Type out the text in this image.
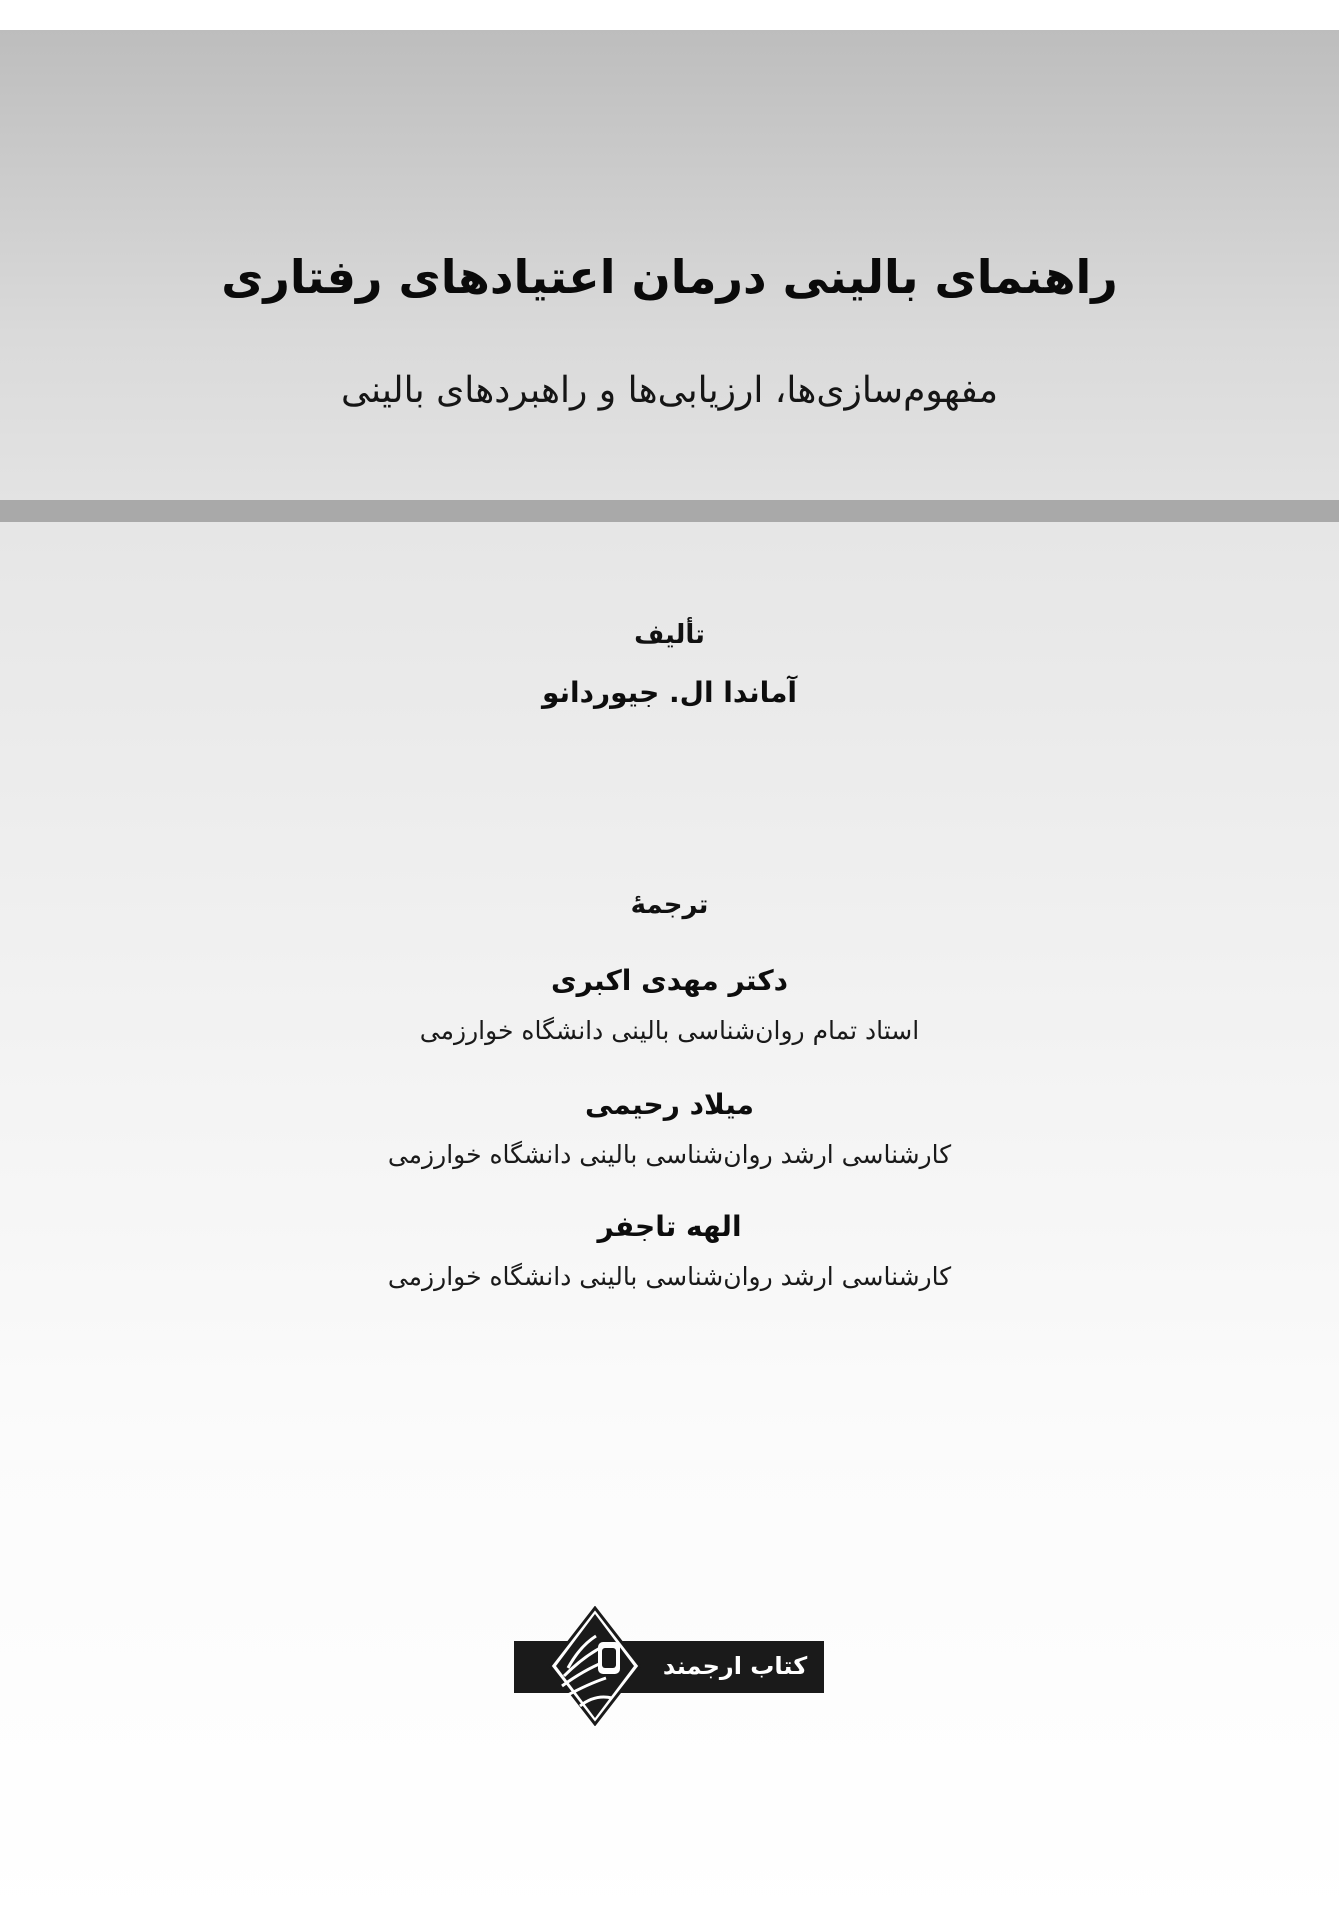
راهنمای بالینی درمان اعتیادهای رفتاری
مفهوم‌سازی‌ها، ارزیابی‌ها و راهبردهای بالینی
تألیف
آماندا ال. جیوردانو
ترجمهٔ
دکتر مهدی اکبری
استاد تمام روان‌شناسی بالینی دانشگاه خوارزمی
میلاد رحیمی
کارشناسی ارشد روان‌شناسی بالینی دانشگاه خوارزمی
الهه تاجفر
کارشناسی ارشد روان‌شناسی بالینی دانشگاه خوارزمی
کتاب ارجمند
